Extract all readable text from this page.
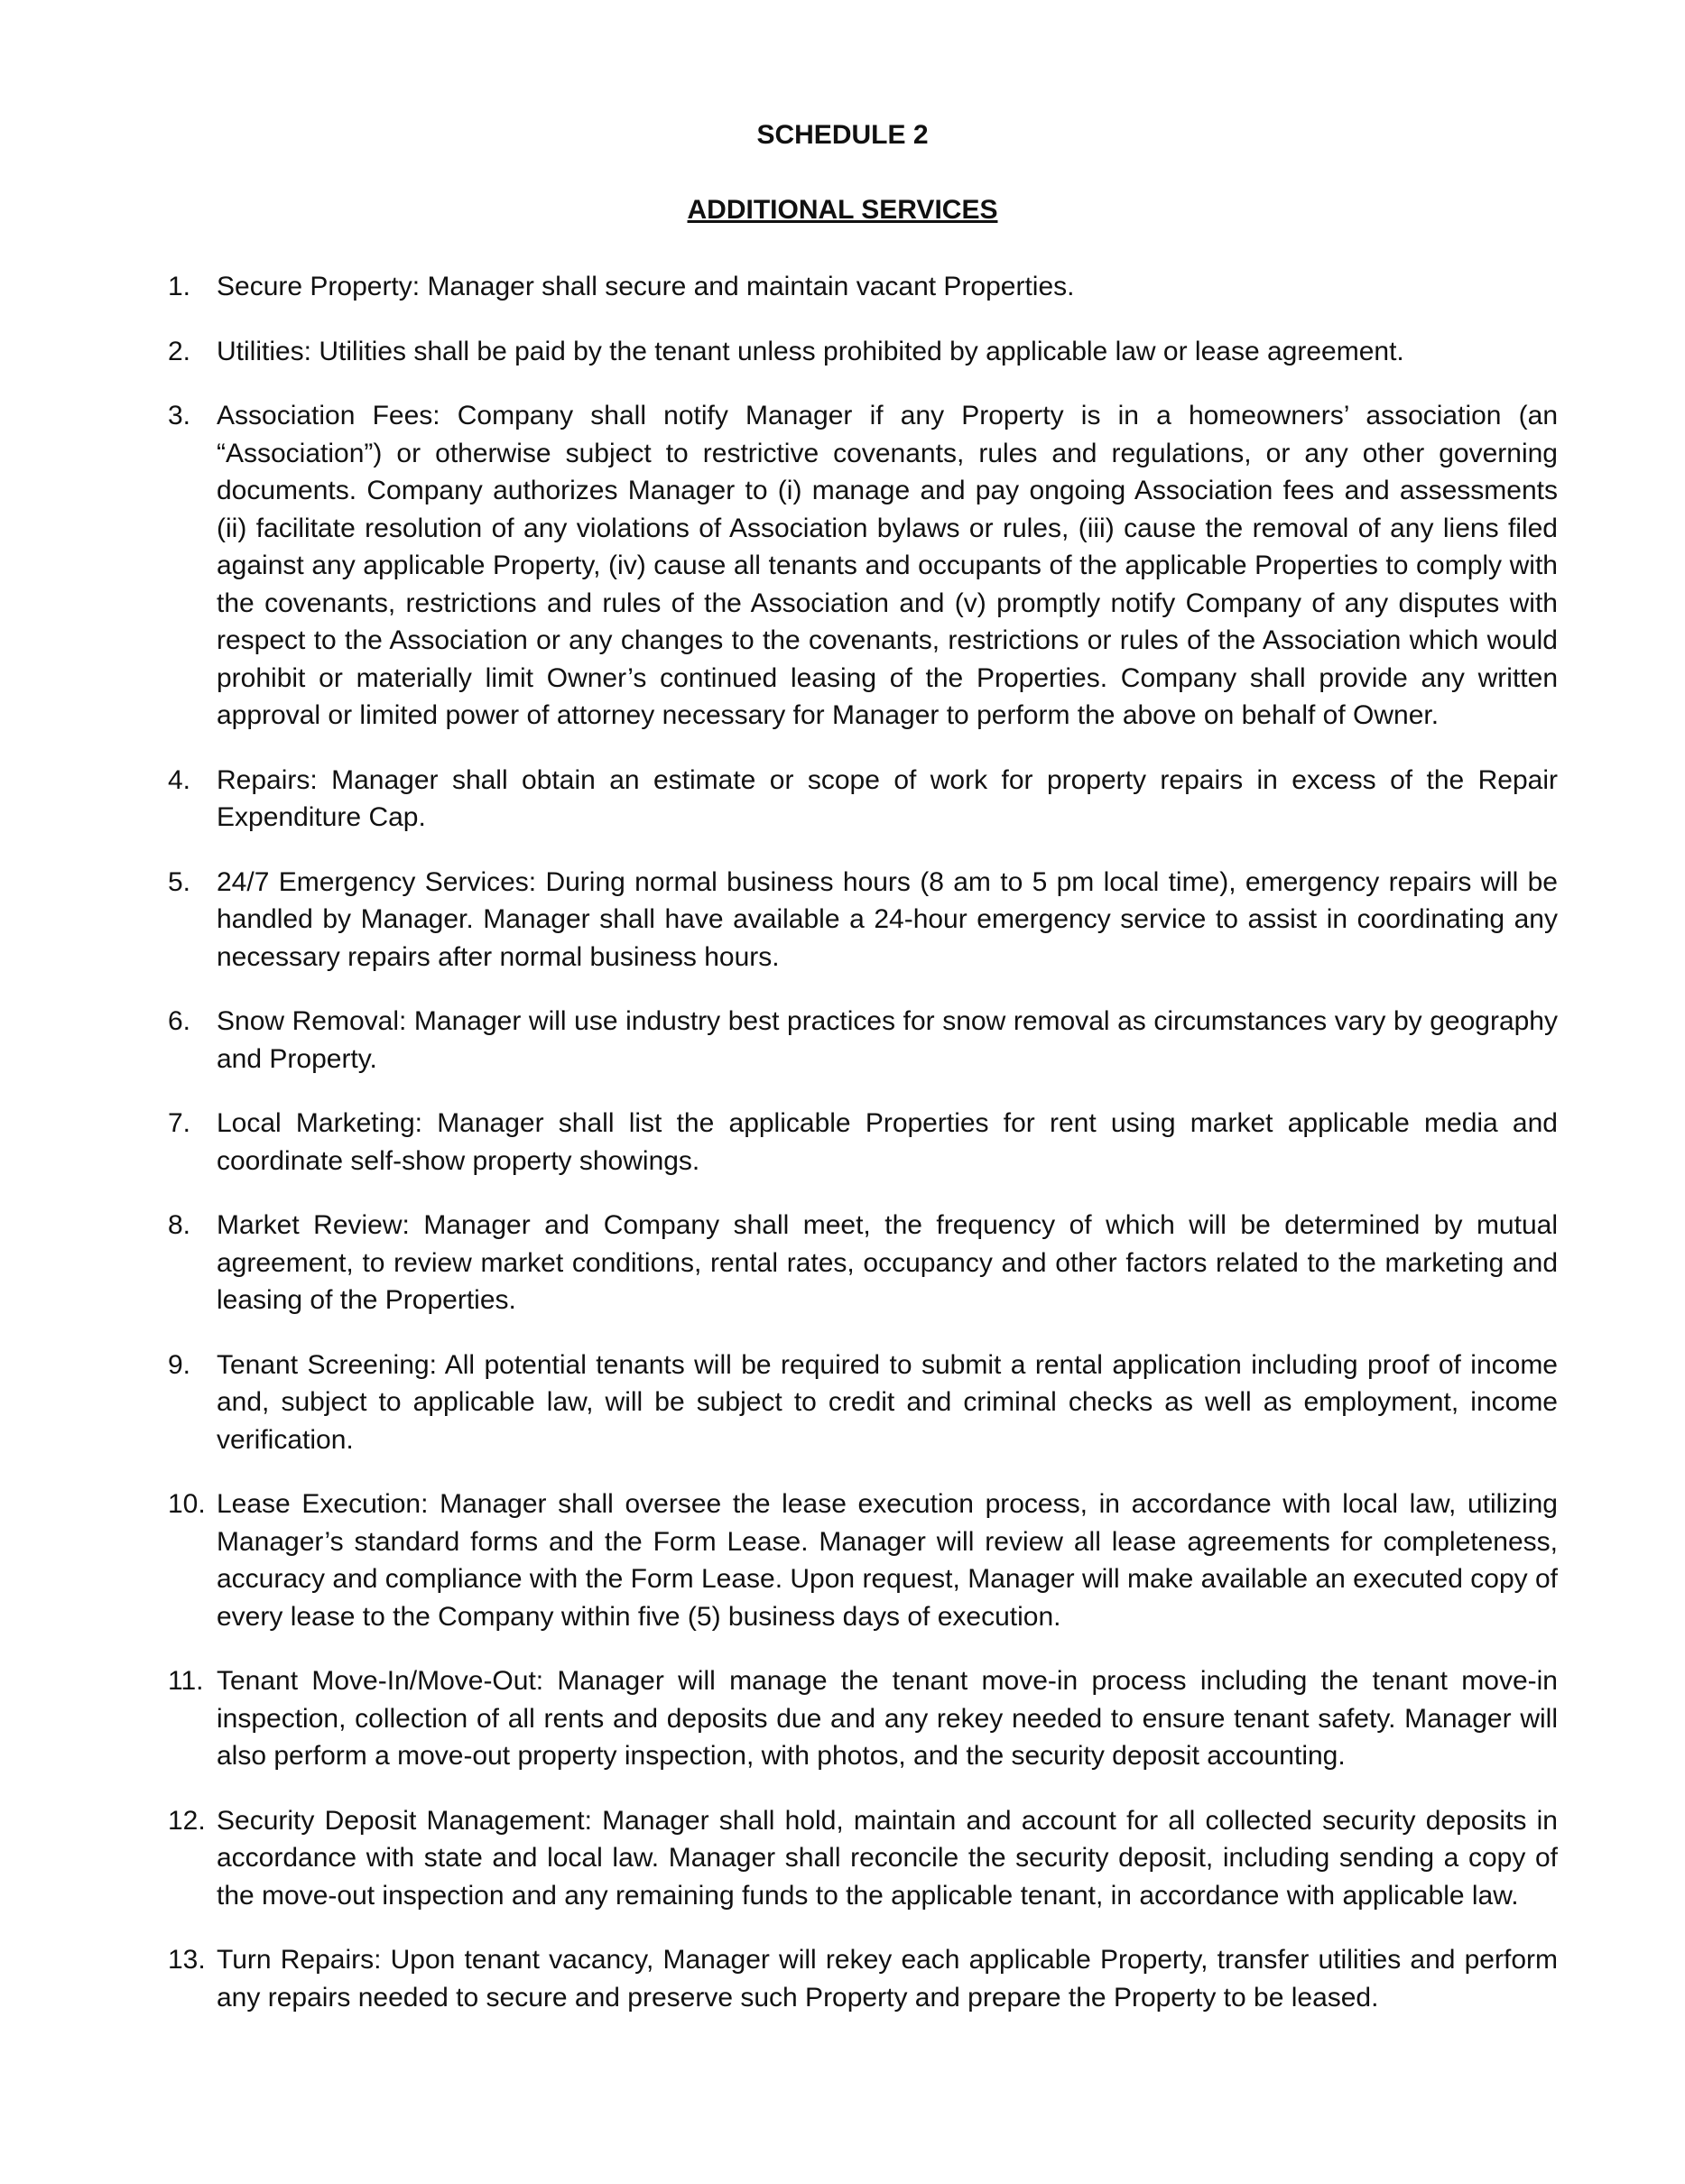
SCHEDULE 2
ADDITIONAL SERVICES
1. Secure Property: Manager shall secure and maintain vacant Properties.
2. Utilities: Utilities shall be paid by the tenant unless prohibited by applicable law or lease agreement.
3. Association Fees: Company shall notify Manager if any Property is in a homeowners’ association (an “Association”) or otherwise subject to restrictive covenants, rules and regulations, or any other governing documents. Company authorizes Manager to (i) manage and pay ongoing Association fees and assessments (ii) facilitate resolution of any violations of Association bylaws or rules, (iii) cause the removal of any liens filed against any applicable Property, (iv) cause all tenants and occupants of the applicable Properties to comply with the covenants, restrictions and rules of the Association and (v) promptly notify Company of any disputes with respect to the Association or any changes to the covenants, restrictions or rules of the Association which would prohibit or materially limit Owner’s continued leasing of the Properties. Company shall provide any written approval or limited power of attorney necessary for Manager to perform the above on behalf of Owner.
4. Repairs: Manager shall obtain an estimate or scope of work for property repairs in excess of the Repair Expenditure Cap.
5. 24/7 Emergency Services: During normal business hours (8 am to 5 pm local time), emergency repairs will be handled by Manager. Manager shall have available a 24-hour emergency service to assist in coordinating any necessary repairs after normal business hours.
6. Snow Removal: Manager will use industry best practices for snow removal as circumstances vary by geography and Property.
7. Local Marketing: Manager shall list the applicable Properties for rent using market applicable media and coordinate self-show property showings.
8. Market Review: Manager and Company shall meet, the frequency of which will be determined by mutual agreement, to review market conditions, rental rates, occupancy and other factors related to the marketing and leasing of the Properties.
9. Tenant Screening: All potential tenants will be required to submit a rental application including proof of income and, subject to applicable law, will be subject to credit and criminal checks as well as employment, income verification.
10. Lease Execution: Manager shall oversee the lease execution process, in accordance with local law, utilizing Manager’s standard forms and the Form Lease. Manager will review all lease agreements for completeness, accuracy and compliance with the Form Lease. Upon request, Manager will make available an executed copy of every lease to the Company within five (5) business days of execution.
11. Tenant Move-In/Move-Out: Manager will manage the tenant move-in process including the tenant move-in inspection, collection of all rents and deposits due and any rekey needed to ensure tenant safety. Manager will also perform a move-out property inspection, with photos, and the security deposit accounting.
12. Security Deposit Management: Manager shall hold, maintain and account for all collected security deposits in accordance with state and local law. Manager shall reconcile the security deposit, including sending a copy of the move-out inspection and any remaining funds to the applicable tenant, in accordance with applicable law.
13. Turn Repairs: Upon tenant vacancy, Manager will rekey each applicable Property, transfer utilities and perform any repairs needed to secure and preserve such Property and prepare the Property to be leased.
